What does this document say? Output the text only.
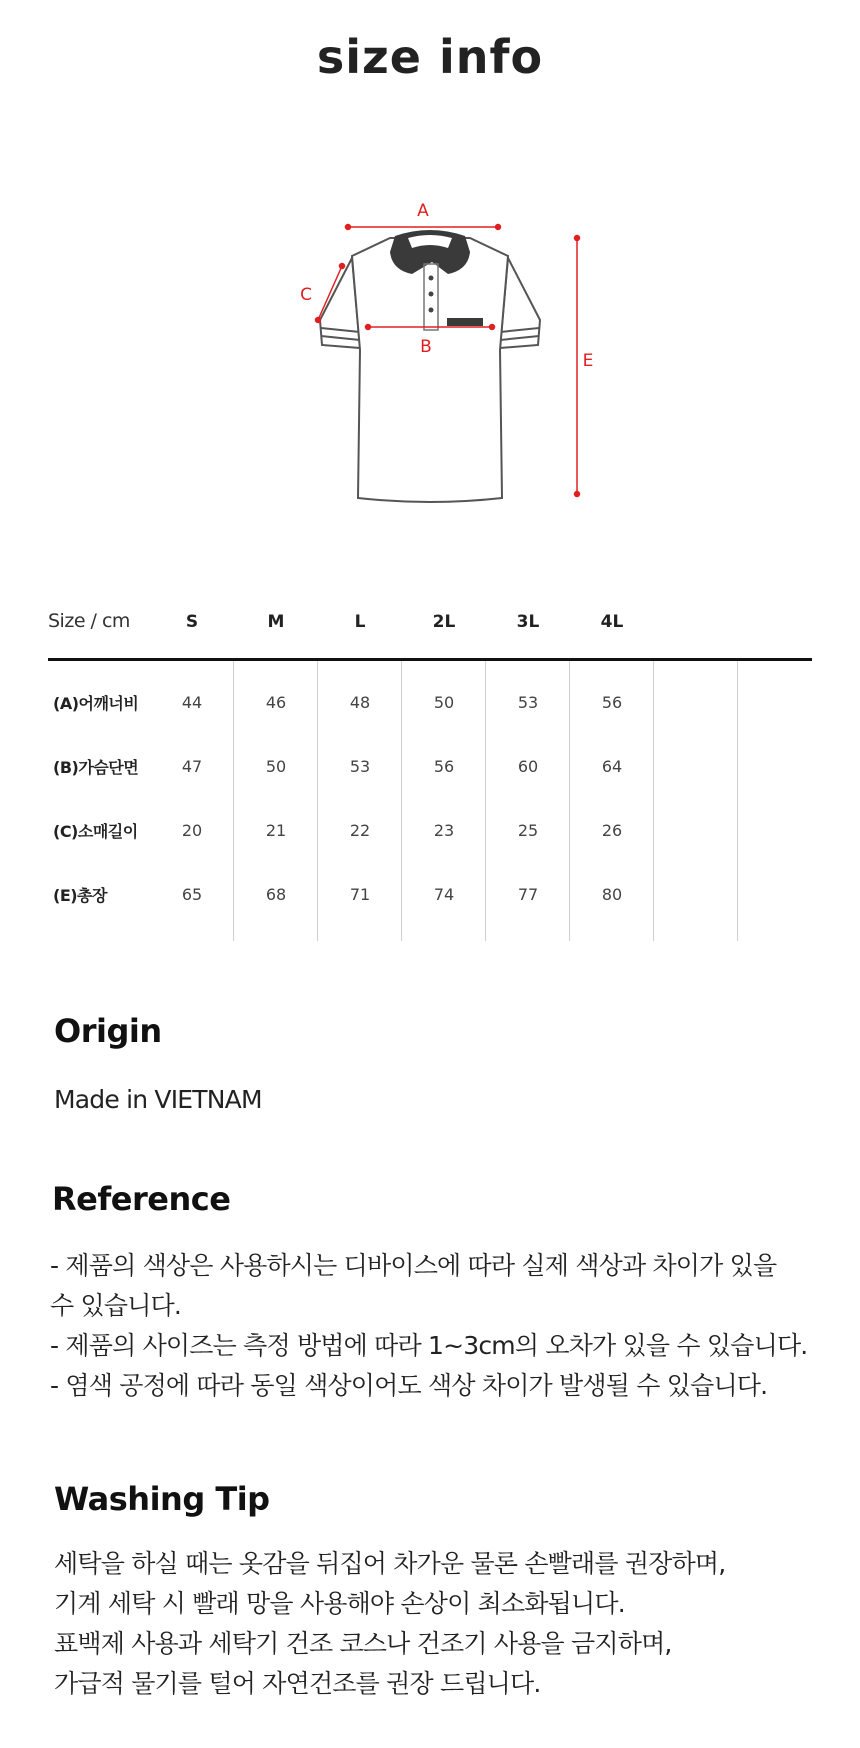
size info
A
B
C
E
Size / cm	S	M	L	2L	3L	4L
(A)어깨너비	44	46	48	50	53	56
(B)가슴단면	47	50	53	56	60	64
(C)소매길이	20	21	22	23	25	26
(E)총장	65	68	71	74	77	80
Origin
Made in VIETNAM
Reference
- 제품의 색상은 사용하시는 디바이스에 따라 실제 색상과 차이가 있을
수 있습니다.
- 제품의 사이즈는 측정 방법에 따라 1~3cm의 오차가 있을 수 있습니다.
- 염색 공정에 따라 동일 색상이어도 색상 차이가 발생될 수 있습니다.
Washing Tip
세탁을 하실 때는 옷감을 뒤집어 차가운 물론 손빨래를 권장하며,
기계 세탁 시 빨래 망을 사용해야 손상이 최소화됩니다.
표백제 사용과 세탁기 건조 코스나 건조기 사용을 금지하며,
가급적 물기를 털어 자연건조를 권장 드립니다.
